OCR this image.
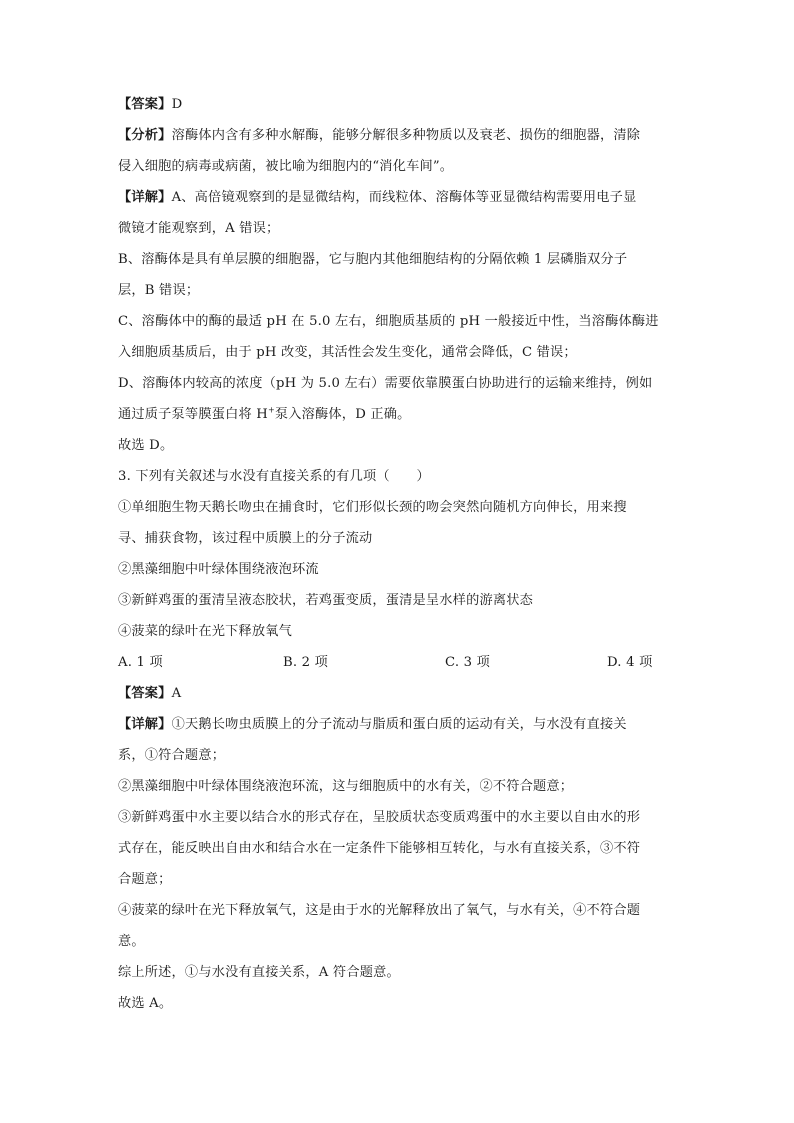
【答案】D
【分析】溶酶体内含有多种水解酶，能够分解很多种物质以及衰老、损伤的细胞器，清除
侵入细胞的病毒或病菌，被比喻为细胞内的“消化车间”。
【详解】A、高倍镜观察到的是显微结构，而线粒体、溶酶体等亚显微结构需要用电子显
微镜才能观察到，A 错误；
B、溶酶体是具有单层膜的细胞器，它与胞内其他细胞结构的分隔依赖 1 层磷脂双分子
层，B 错误；
C、溶酶体中的酶的最适 pH 在 5.0 左右，细胞质基质的 pH 一般接近中性，当溶酶体酶进
入细胞质基质后，由于 pH 改变，其活性会发生变化，通常会降低，C 错误；
D、溶酶体内较高的浓度（pH 为 5.0 左右）需要依靠膜蛋白协助进行的运输来维持，例如
通过质子泵等膜蛋白将 H+泵入溶酶体，D 正确。
故选 D。
3. 下列有关叙述与水没有直接关系的有几项（　　）
①单细胞生物天鹅长吻虫在捕食时，它们形似长颈的吻会突然向随机方向伸长，用来搜
寻、捕获食物，该过程中质膜上的分子流动
②黑藻细胞中叶绿体围绕液泡环流
③新鲜鸡蛋的蛋清呈液态胶状，若鸡蛋变质，蛋清是呈水样的游离状态
④菠菜的绿叶在光下释放氧气
A. 1 项	B. 2 项	C. 3 项	D. 4 项
【答案】A
【详解】①天鹅长吻虫质膜上的分子流动与脂质和蛋白质的运动有关，与水没有直接关
系，①符合题意；
②黑藻细胞中叶绿体围绕液泡环流，这与细胞质中的水有关，②不符合题意；
③新鲜鸡蛋中水主要以结合水的形式存在，呈胶质状态变质鸡蛋中的水主要以自由水的形
式存在，能反映出自由水和结合水在一定条件下能够相互转化，与水有直接关系，③不符
合题意；
④菠菜的绿叶在光下释放氧气，这是由于水的光解释放出了氧气，与水有关，④不符合题
意。
综上所述，①与水没有直接关系，A 符合题意。
故选 A。
